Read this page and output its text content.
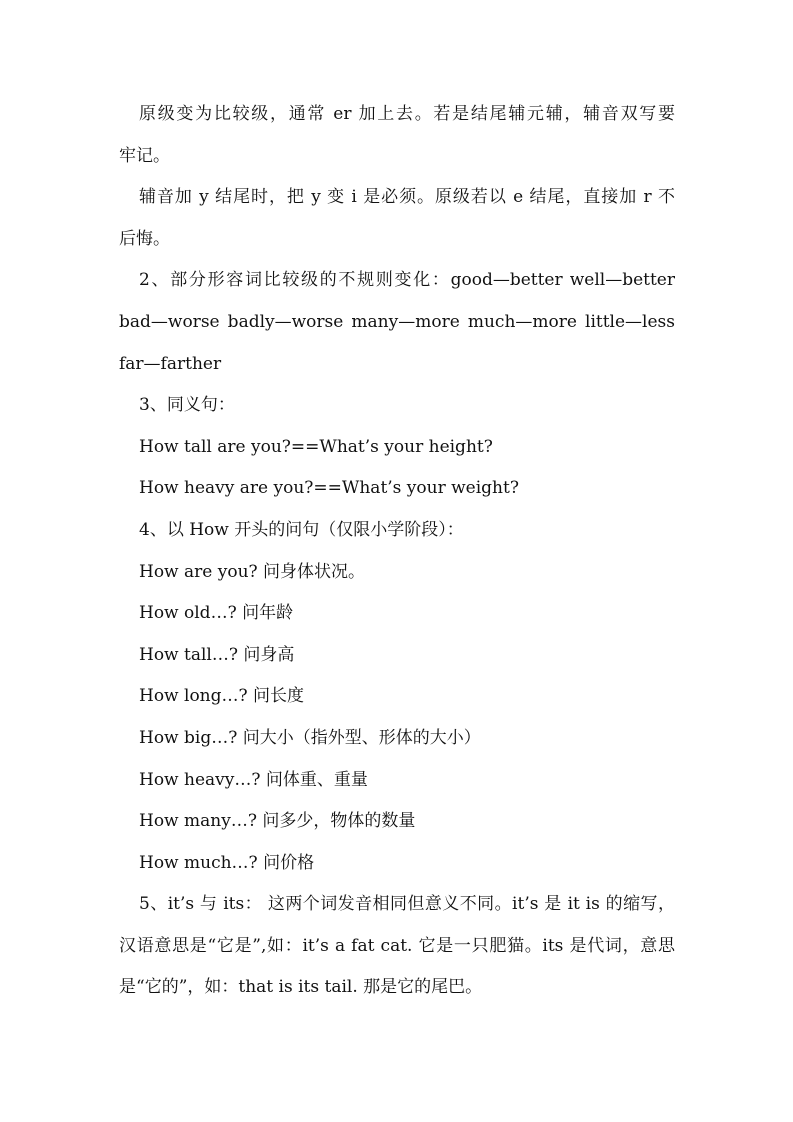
原级变为比较级，通常 er 加上去。若是结尾辅元辅，辅音双写要
牢记。
辅音加 y 结尾时，把 y 变 i 是必须。原级若以 e 结尾，直接加 r 不
后悔。
2、部分形容词比较级的不规则变化：good—better well—better
bad—worse badly—worse many—more much—more little—less
far—farther
3、同义句：
How tall are you?==What’s your height?
How heavy are you?==What’s your weight?
4、以 How 开头的问句（仅限小学阶段）：
How are you? 问身体状况。
How old…? 问年龄
How tall…? 问身高
How long…? 问长度
How big…? 问大小（指外型、形体的大小）
How heavy…? 问体重、重量
How many…? 问多少，物体的数量
How much…? 问价格
5、it’s 与 its： 这两个词发音相同但意义不同。it’s 是 it is 的缩写，
汉语意思是“它是”,如：it’s a fat cat. 它是一只肥猫。its 是代词，意思
是“它的”，如：that is its tail. 那是它的尾巴。
